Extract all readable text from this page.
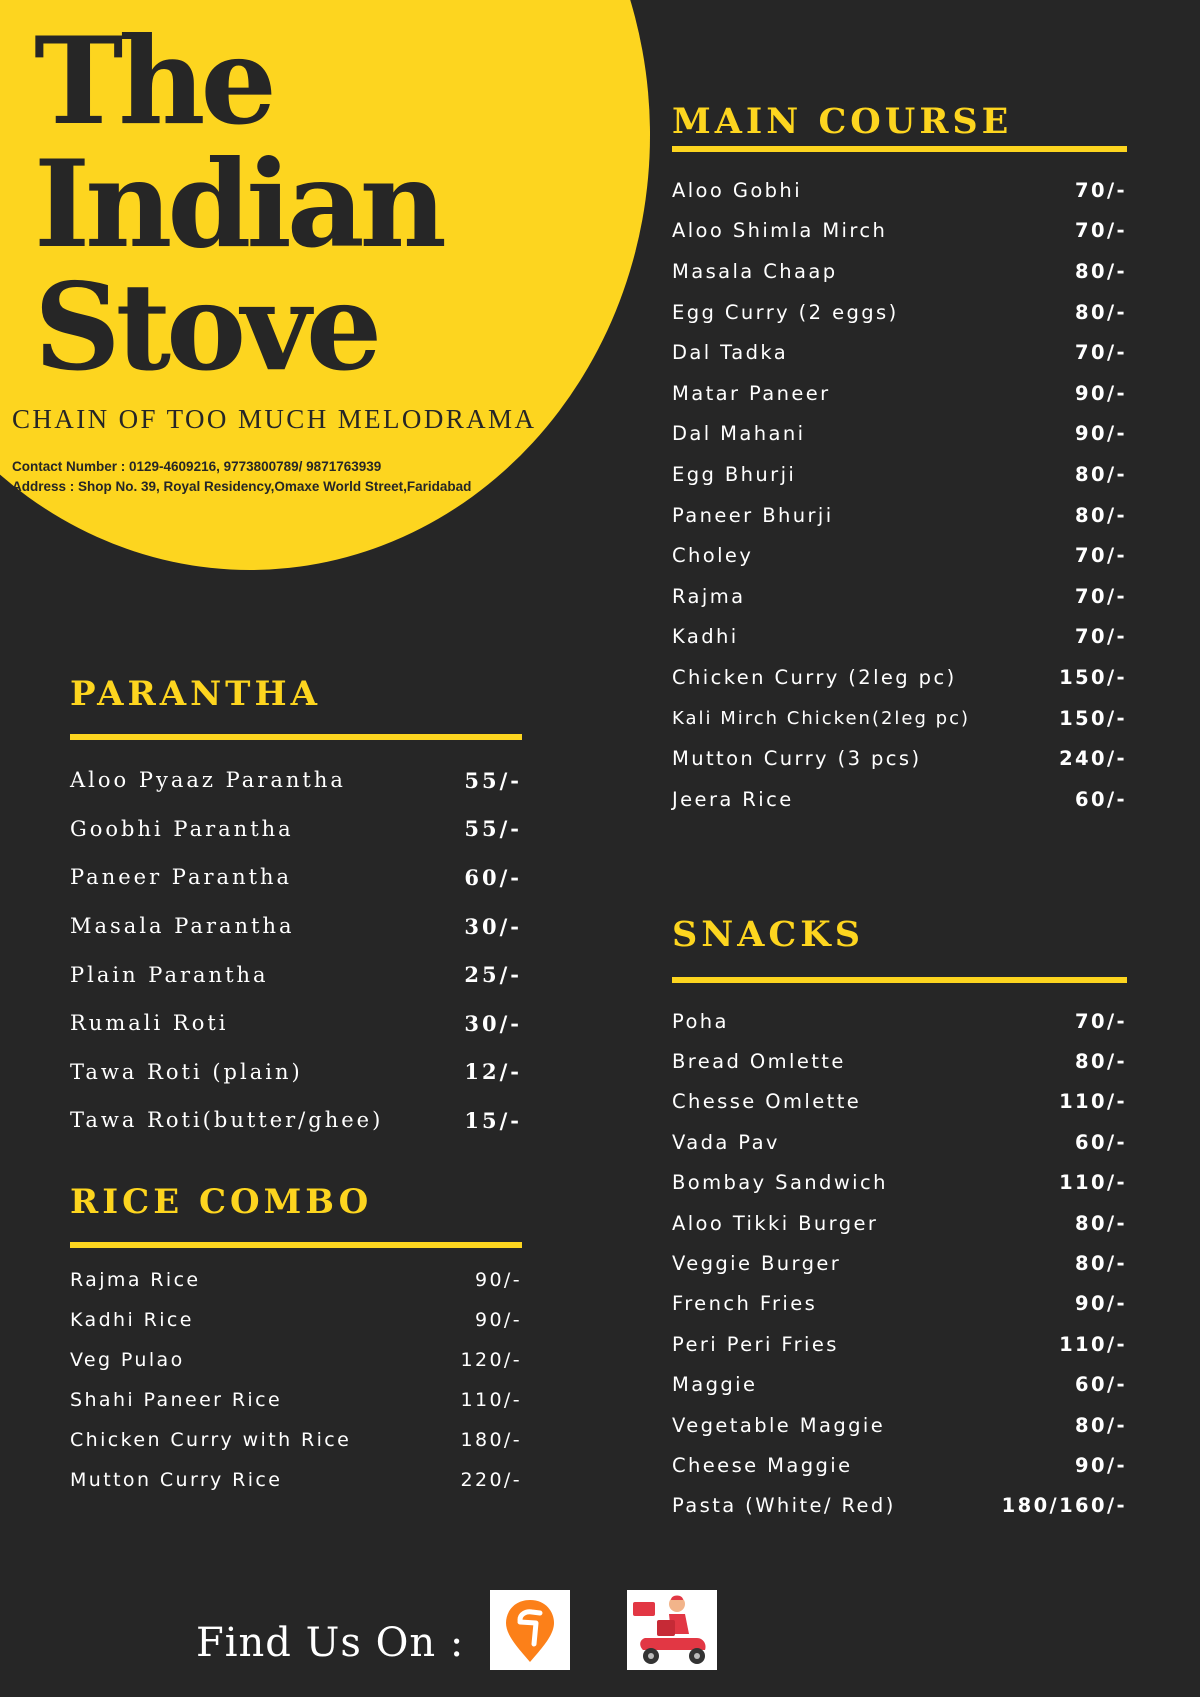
The
Indian
Stove

CHAIN OF TOO MUCH MELODRAMA

Contact Number : 0129-4609216, 9773800789/ 9871763939
Address : Shop No. 39, Royal Residency,Omaxe World Street,Faridabad
PARANTHA
Aloo Pyaaz Parantha	55/-
Goobhi Parantha	55/-
Paneer Parantha	60/-
Masala Parantha	30/-
Plain Parantha	25/-
Rumali Roti	30/-
Tawa Roti (plain)	12/-
Tawa Roti(butter/ghee)	15/-
RICE COMBO
Rajma Rice	90/-
Kadhi Rice	90/-
Veg Pulao	120/-
Shahi Paneer Rice	110/-
Chicken Curry with Rice	180/-
Mutton Curry Rice	220/-
MAIN COURSE
Aloo Gobhi	70/-
Aloo Shimla Mirch	70/-
Masala Chaap	80/-
Egg Curry (2 eggs)	80/-
Dal Tadka	70/-
Matar Paneer	90/-
Dal Mahani	90/-
Egg Bhurji	80/-
Paneer Bhurji	80/-
Choley	70/-
Rajma	70/-
Kadhi	70/-
Chicken Curry (2leg pc)	150/-
Kali Mirch Chicken(2leg pc)	150/-
Mutton Curry (3 pcs)	240/-
Jeera Rice	60/-
SNACKS
Poha	70/-
Bread Omlette	80/-
Chesse Omlette	110/-
Vada Pav	60/-
Bombay Sandwich	110/-
Aloo Tikki Burger	80/-
Veggie Burger	80/-
French Fries	90/-
Peri Peri Fries	110/-
Maggie	60/-
Vegetable Maggie	80/-
Cheese Maggie	90/-
Pasta (White/ Red)	180/160/-

Find Us On :
